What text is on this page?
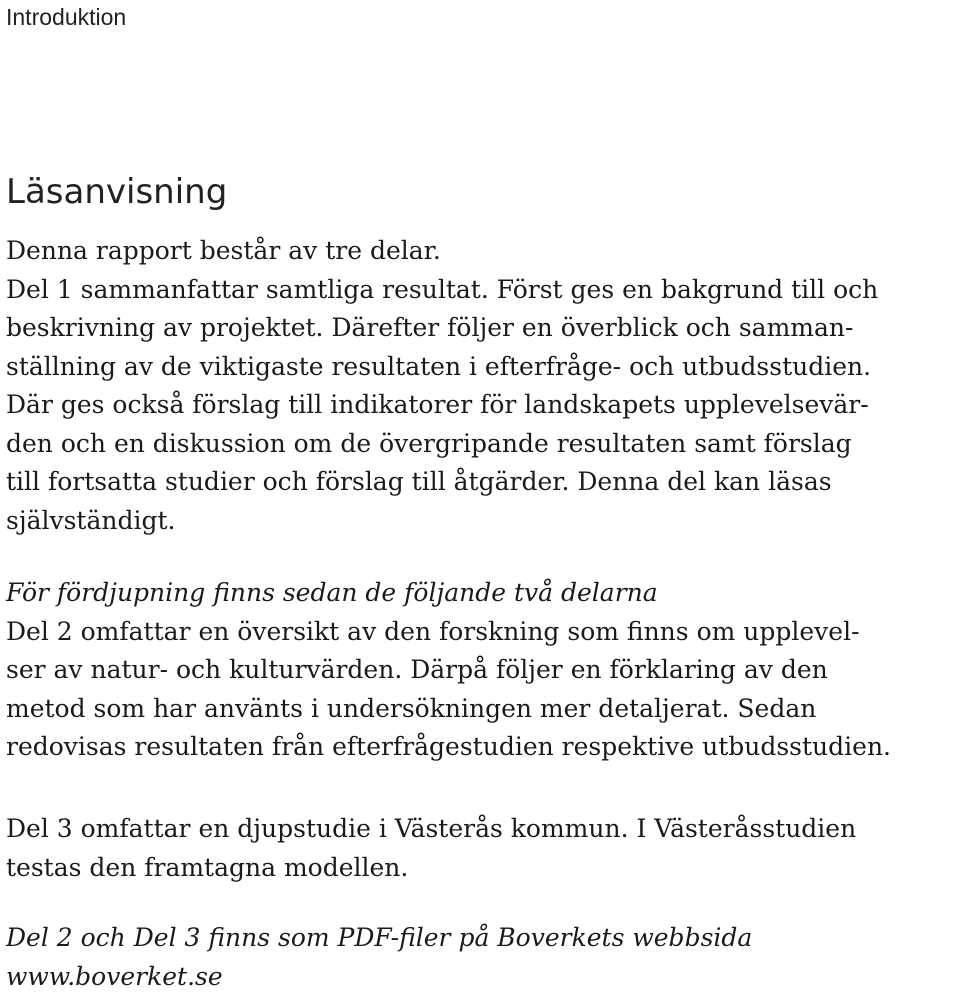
Introduktion
Läsanvisning

Denna rapport består av tre delar.

Del 1 sammanfattar samtliga resultat. Först ges en bakgrund till och

beskrivning av projektet. Därefter följer en överblick och samman-

ställning av de viktigaste resultaten i efterfråge- och utbudsstudien.

Där ges också förslag till indikatorer för landskapets upplevelsevär-

den och en diskussion om de övergripande resultaten samt förslag

till fortsatta studier och förslag till åtgärder. Denna del kan läsas

självständigt.

För fördjupning finns sedan de följande två delarna

Del 2 omfattar en översikt av den forskning som finns om upplevel-

ser av natur- och kulturvärden. Därpå följer en förklaring av den

metod som har använts i undersökningen mer detaljerat. Sedan

redovisas resultaten från efterfrågestudien respektive utbudsstudien.

Del 3 omfattar en djupstudie i Västerås kommun. I Västeråsstudien

testas den framtagna modellen.

Del 2 och Del 3 finns som PDF-filer på Boverkets webbsida

www.boverket.se
